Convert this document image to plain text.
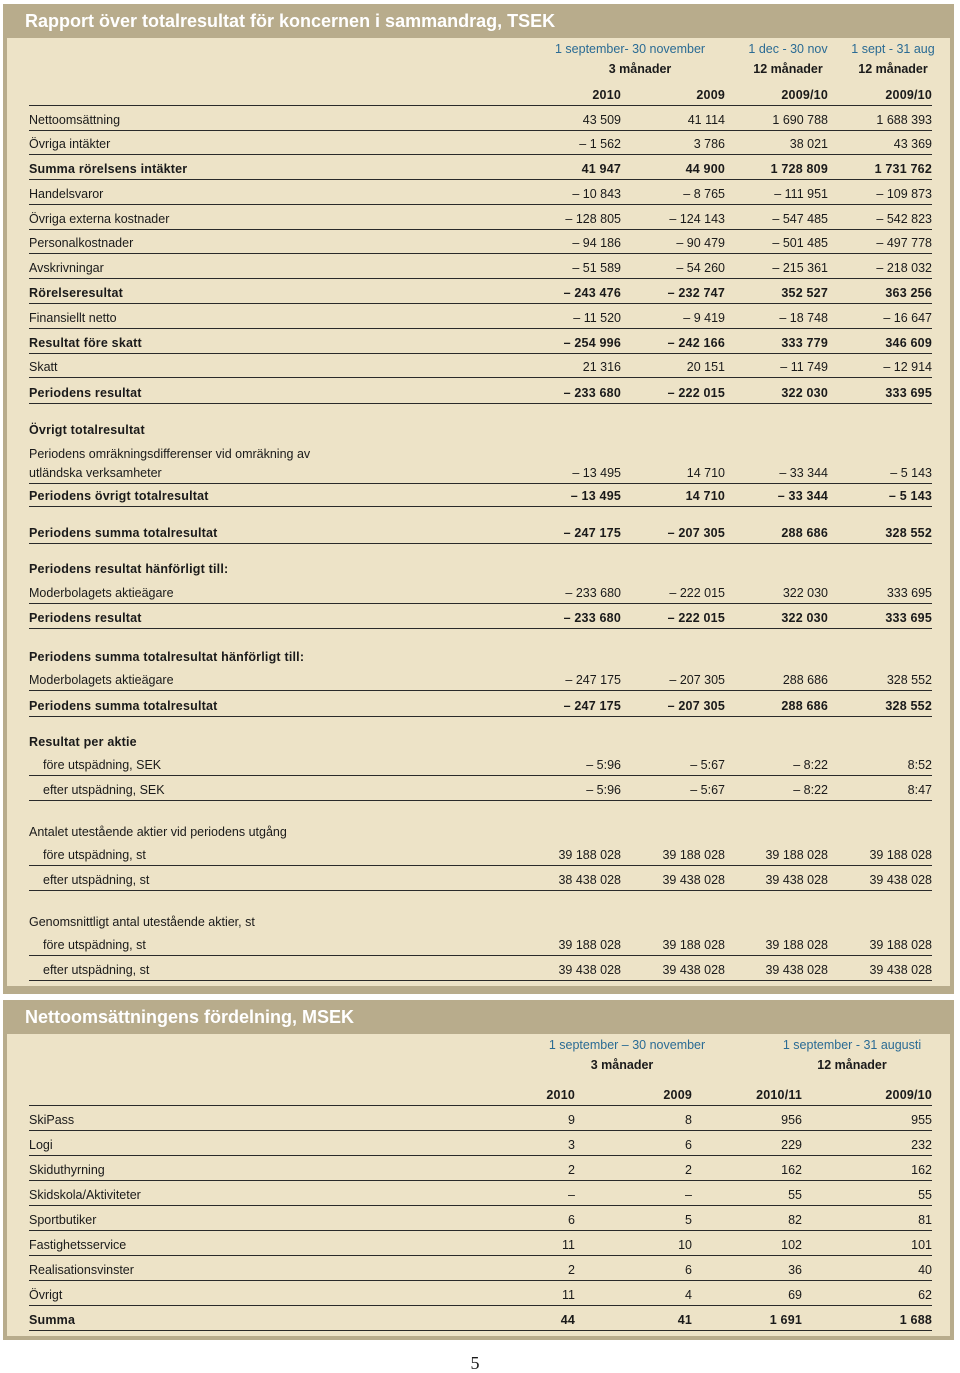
Rapport över totalresultat för koncernen i sammandrag, TSEK
1 september- 30 november	1 dec - 30 nov	1 sept - 31 aug
3 månader	12 månader	12 månader
2010	2009	2009/10	2009/10
Nettoomsättning	43 509	41 114	1 690 788	1 688 393
Övriga intäkter	– 1 562	3 786	38 021	43 369
Summa rörelsens intäkter	41 947	44 900	1 728 809	1 731 762
Handelsvaror	– 10 843	– 8 765	– 111 951	– 109 873
Övriga externa kostnader	– 128 805	– 124 143	– 547 485	– 542 823
Personalkostnader	– 94 186	– 90 479	– 501 485	– 497 778
Avskrivningar	– 51 589	– 54 260	– 215 361	– 218 032
Rörelseresultat	– 243 476	– 232 747	352 527	363 256
Finansiellt netto	– 11 520	– 9 419	– 18 748	– 16 647
Resultat före skatt	– 254 996	– 242 166	333 779	346 609
Skatt	21 316	20 151	– 11 749	– 12 914
Periodens resultat	– 233 680	– 222 015	322 030	333 695
Övrigt totalresultat
Periodens omräkningsdifferenser vid omräkning av
utländska verksamheter	– 13 495	14 710	– 33 344	– 5 143
Periodens övrigt totalresultat	– 13 495	14 710	– 33 344	– 5 143
Periodens summa totalresultat	– 247 175	– 207 305	288 686	328 552
Periodens resultat hänförligt till:
Moderbolagets aktieägare	– 233 680	– 222 015	322 030	333 695
Periodens resultat	– 233 680	– 222 015	322 030	333 695
Periodens summa totalresultat hänförligt till:
Moderbolagets aktieägare	– 247 175	– 207 305	288 686	328 552
Periodens summa totalresultat	– 247 175	– 207 305	288 686	328 552
Resultat per aktie
före utspädning, SEK	– 5:96	– 5:67	– 8:22	8:52
efter utspädning, SEK	– 5:96	– 5:67	– 8:22	8:47
Antalet utestående aktier vid periodens utgång
före utspädning, st	39 188 028	39 188 028	39 188 028	39 188 028
efter utspädning, st	38 438 028	39 438 028	39 438 028	39 438 028
Genomsnittligt antal utestående aktier, st
före utspädning, st	39 188 028	39 188 028	39 188 028	39 188 028
efter utspädning, st	39 438 028	39 438 028	39 438 028	39 438 028
Nettoomsättningens fördelning, MSEK
1 september – 30 november	1 september - 31 augusti
3 månader	12 månader
2010	2009	2010/11	2009/10
SkiPass	9	8	956	955
Logi	3	6	229	232
Skiduthyrning	2	2	162	162
Skidskola/Aktiviteter	–	–	55	55
Sportbutiker	6	5	82	81
Fastighetsservice	11	10	102	101
Realisationsvinster	2	6	36	40
Övrigt	11	4	69	62
Summa	44	41	1 691	1 688
5
